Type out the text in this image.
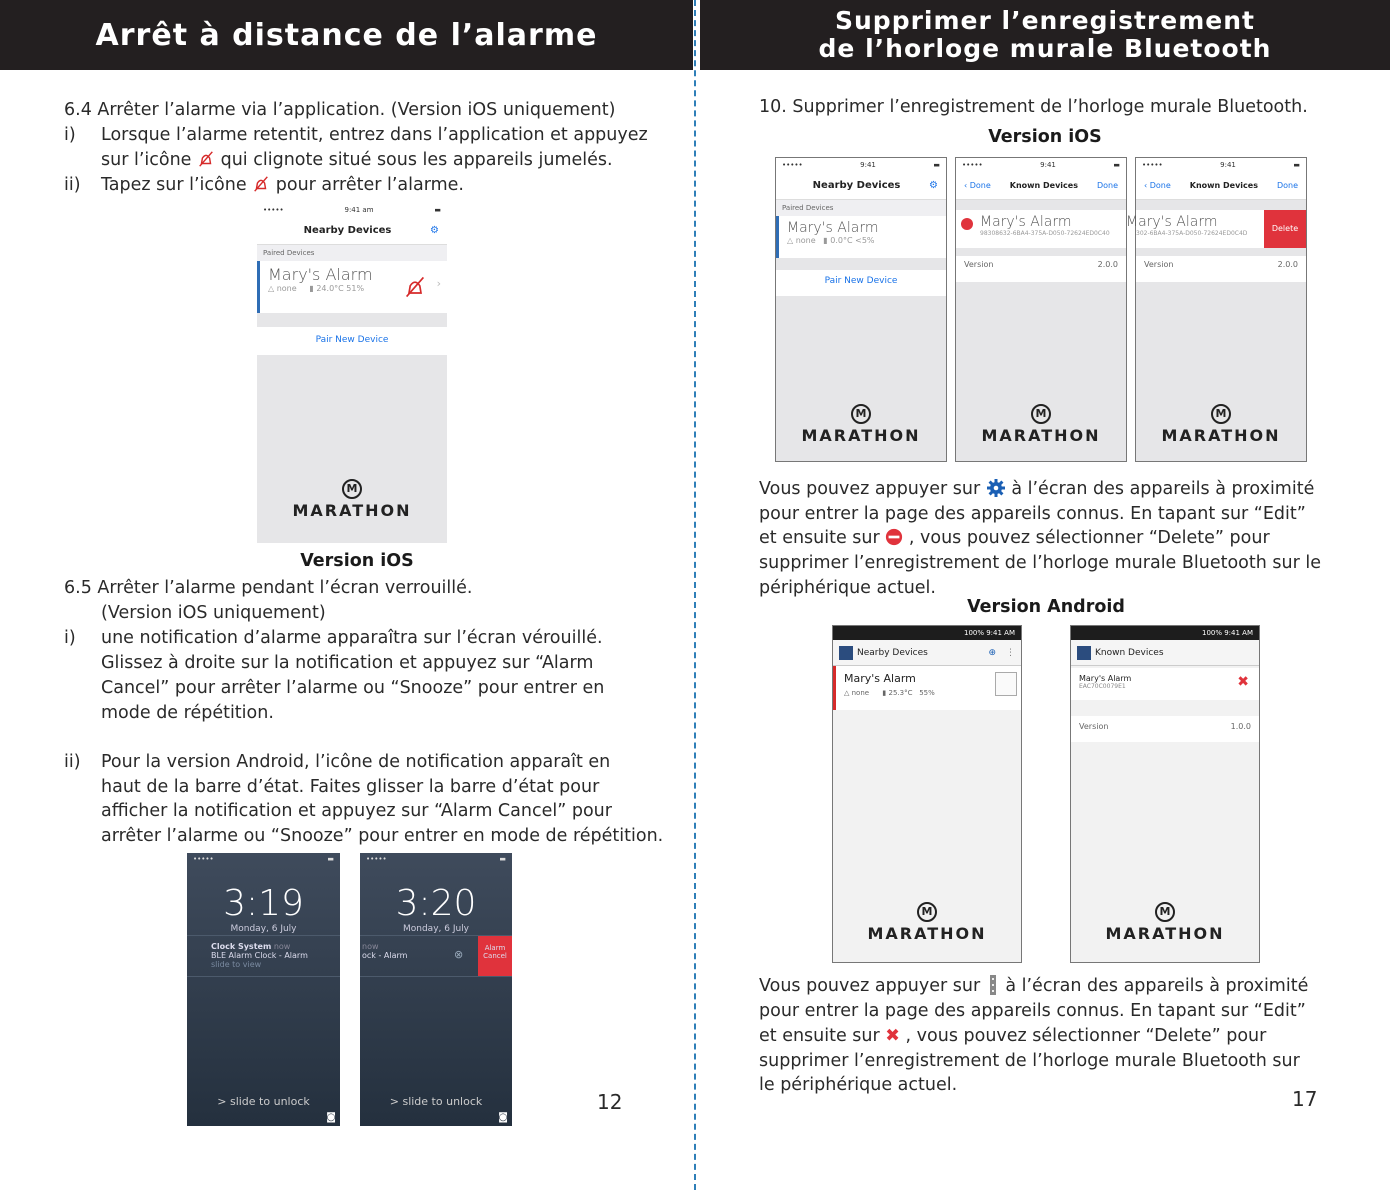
Arrêt à distance de l’alarme	Supprimer l’enregistrement
de l’horloge murale Bluetooth
6.4 Arrêter l’alarme via l’application. (Version iOS uniquement)
i) Lorsque l’alarme retentit, entrez dans l’application et appuyez
sur l’icône qui clignote situé sous les appareils jumelés.
ii) Tapez sur l’icône pour arrêter l’alarme.
•••••	9:41 am	▬
Nearby Devices	⚙
Paired Devices
Mary's Alarm
△ none     ▮ 24.0°C 51%	›
Pair New Device
M
MARATHON
Version iOS
6.5 Arrêter l’alarme pendant l’écran verrouillé.
(Version iOS uniquement)
i) une notification d’alarme apparaîtra sur l’écran vérouillé.
Glissez à droite sur la notification et appuyez sur “Alarm
Cancel” pour arrêter l’alarme ou “Snooze” pour entrer en
mode de répétition.
ii) Pour la version Android, l’icône de notification apparaît en
haut de la barre d’état. Faites glisser la barre d’état pour
afficher la notification et appuyez sur “Alarm Cancel” pour
arrêter l’alarme ou “Snooze” pour entrer en mode de répétition.
•••••	▬
3:19
Monday, 6 July
Clock System now
BLE Alarm Clock - Alarm
slide to view
> slide to unlock
◙
•••••	▬
3:20
Monday, 6 July
now
ock - Alarm	⊗	Alarm Cancel
> slide to unlock
◙
12
10. Supprimer l’enregistrement de l’horloge murale Bluetooth.
Version iOS
•••••	9:41	▬
Nearby Devices	⚙
Paired Devices
Mary's Alarm
△ none   ▮ 0.0°C <5%
Pair New Device
M
MARATHON
•••••	9:41	▬
‹ Done Known Devices Done
Mary's Alarm
98308632-6BA4-375A-D050-72624ED0C40
Version	2.0.0
M
MARATHON
•••••	9:41	▬
‹ Done Known Devices Done
Mary's Alarm
302-6BA4-375A-D050-72624ED0C4D
Delete
Version	2.0.0
M
MARATHON
Vous pouvez appuyer sur à l’écran des appareils à proximité
pour entrer la page des appareils connus. En tapant sur “Edit”
et ensuite sur , vous pouvez sélectionner “Delete” pour
supprimer l’enregistrement de l’horloge murale Bluetooth sur le
périphérique actuel.
Version Android
100% 9:41 AM
Nearby Devices	⊕ ⋮
Mary's Alarm
△ none      ▮ 25.3°C 55%
M
MARATHON
100% 9:41 AM
Known Devices
Mary's Alarm
EAC70C0079E1	✖
Version	1.0.0
M
MARATHON
Vous pouvez appuyer sur à l’écran des appareils à proximité
pour entrer la page des appareils connus. En tapant sur “Edit”
et ensuite sur ✖ , vous pouvez sélectionner “Delete” pour
supprimer l’enregistrement de l’horloge murale Bluetooth sur
le périphérique actuel.
17
